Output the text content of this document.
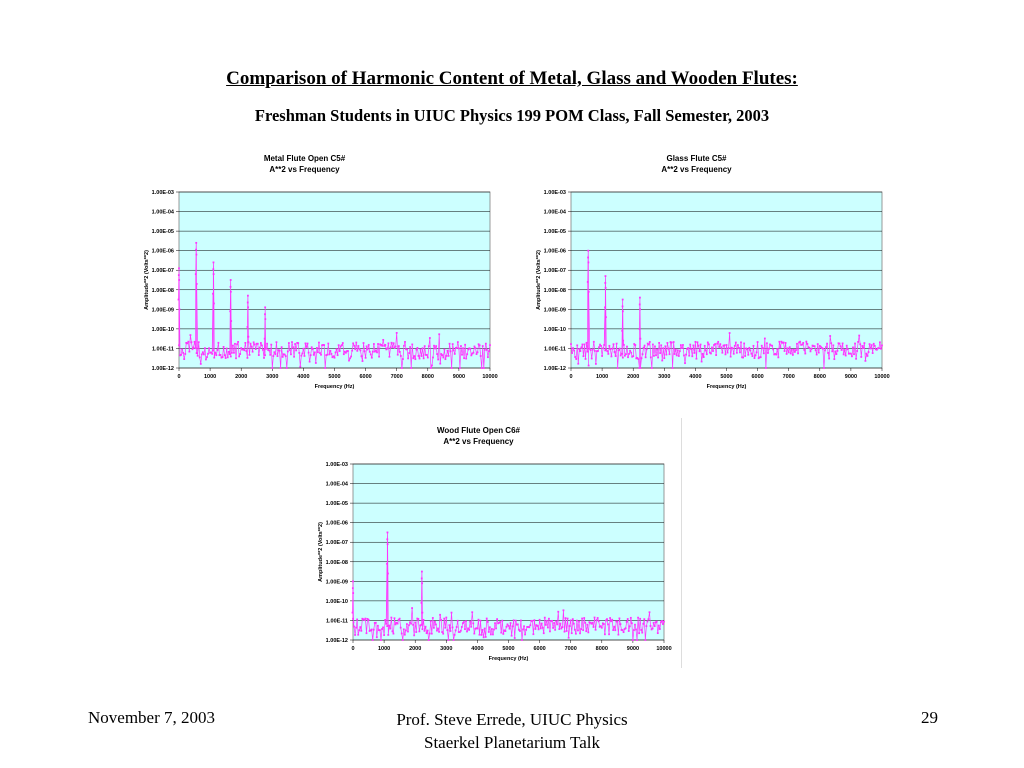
Comparison of Harmonic Content of Metal, Glass and Wooden Flutes:
Freshman Students in UIUC Physics 199 POM Class, Fall Semester, 2003
Metal Flute Open C5#
A**2 vs Frequency
1.00E-03
1.00E-04
1.00E-05
1.00E-06
1.00E-07
1.00E-08
1.00E-09
1.00E-10
1.00E-11
1.00E-12
0	1000	2000	3000	4000	5000	6000	7000	8000	9000	10000
Frequency (Hz)
Amplitude**2 (Volts**2)
Glass Flute C5#
A**2 vs Frequency
1.00E-03
1.00E-04
1.00E-05
1.00E-06
1.00E-07
1.00E-08
1.00E-09
1.00E-10
1.00E-11
1.00E-12
0	1000	2000	3000	4000	5000	6000	7000	8000	9000	10000
Frequency (Hz)
Amplitude**2 (Volts**2)
Wood Flute Open C6#
A**2 vs Frequency
1.00E-03
1.00E-04
1.00E-05
1.00E-06
1.00E-07
1.00E-08
1.00E-09
1.00E-10
1.00E-11
1.00E-12
0	1000	2000	3000	4000	5000	6000	7000	8000	9000	10000
Frequency (Hz)
Amplitude**2 (Volts**2)
November 7, 2003	Prof. Steve Errede, UIUC Physics
Staerkel Planetarium Talk
29
